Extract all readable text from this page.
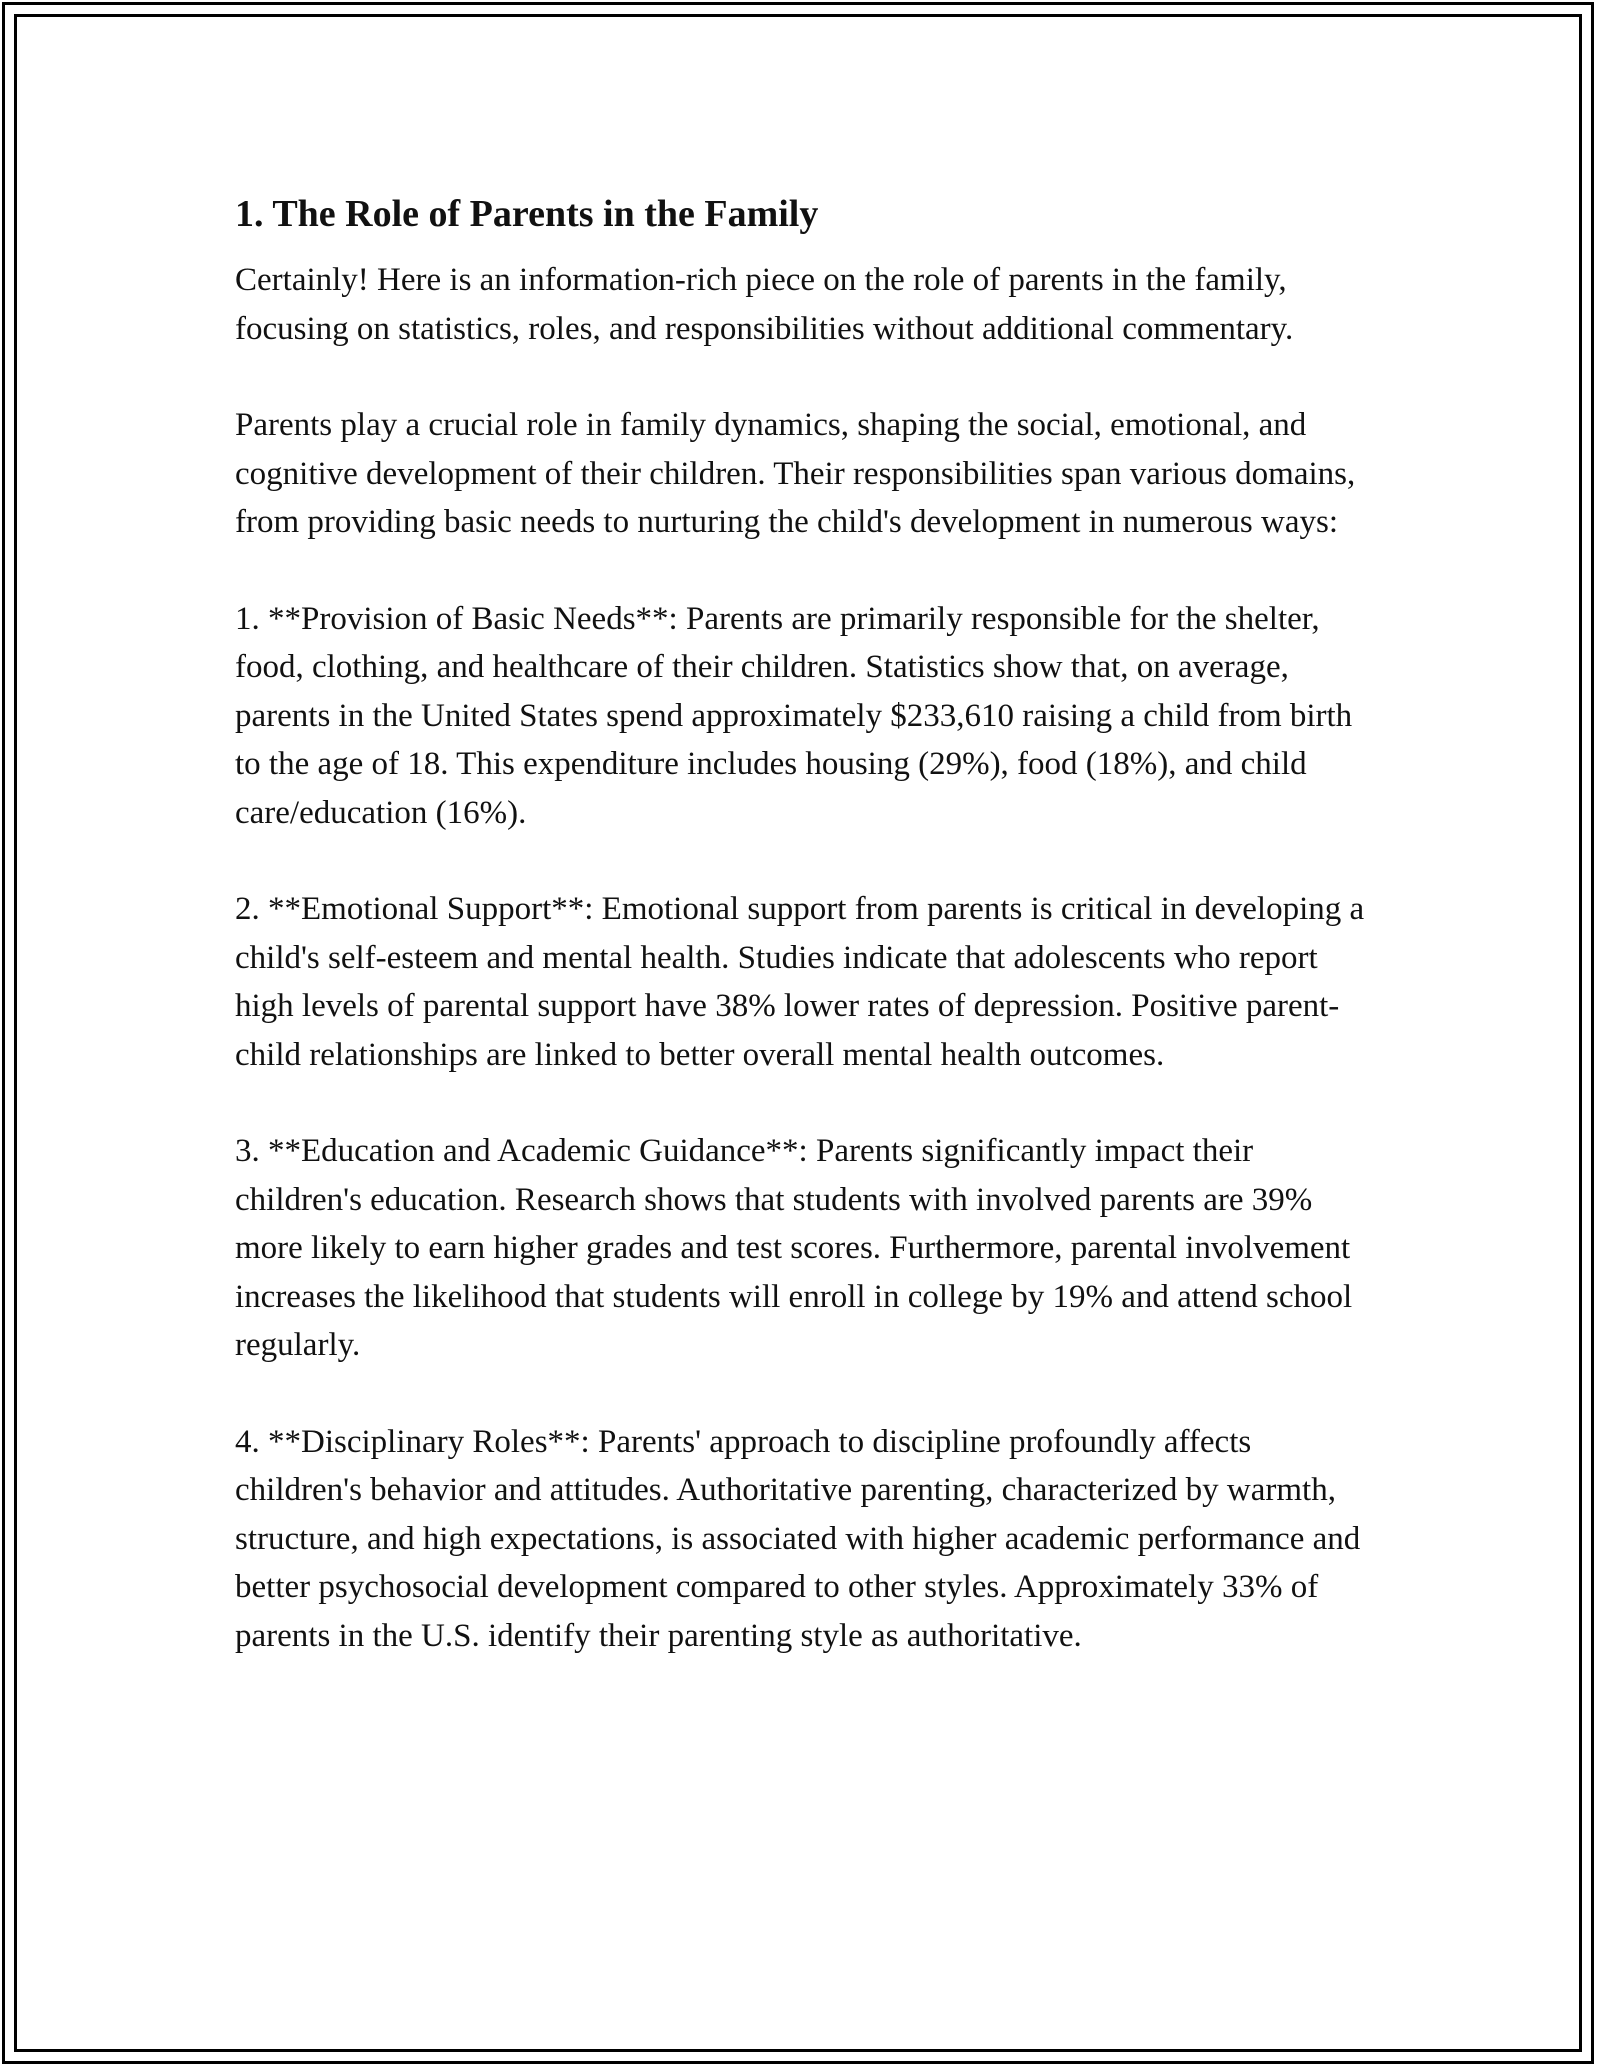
1. The Role of Parents in the Family

Certainly! Here is an information-rich piece on the role of parents in the family, focusing on statistics, roles, and responsibilities without additional commentary.

Parents play a crucial role in family dynamics, shaping the social, emotional, and cognitive development of their children. Their responsibilities span various domains, from providing basic needs to nurturing the child's development in numerous ways:

1. **Provision of Basic Needs**: Parents are primarily responsible for the shelter, food, clothing, and healthcare of their children. Statistics show that, on average, parents in the United States spend approximately $233,610 raising a child from birth to the age of 18. This expenditure includes housing (29%), food (18%), and child care/education (16%).

2. **Emotional Support**: Emotional support from parents is critical in developing a child's self-esteem and mental health. Studies indicate that adolescents who report high levels of parental support have 38% lower rates of depression. Positive parent-child relationships are linked to better overall mental health outcomes.

3. **Education and Academic Guidance**: Parents significantly impact their children's education. Research shows that students with involved parents are 39% more likely to earn higher grades and test scores. Furthermore, parental involvement increases the likelihood that students will enroll in college by 19% and attend school regularly.

4. **Disciplinary Roles**: Parents' approach to discipline profoundly affects children's behavior and attitudes. Authoritative parenting, characterized by warmth, structure, and high expectations, is associated with higher academic performance and better psychosocial development compared to other styles. Approximately 33% of parents in the U.S. identify their parenting style as authoritative.
